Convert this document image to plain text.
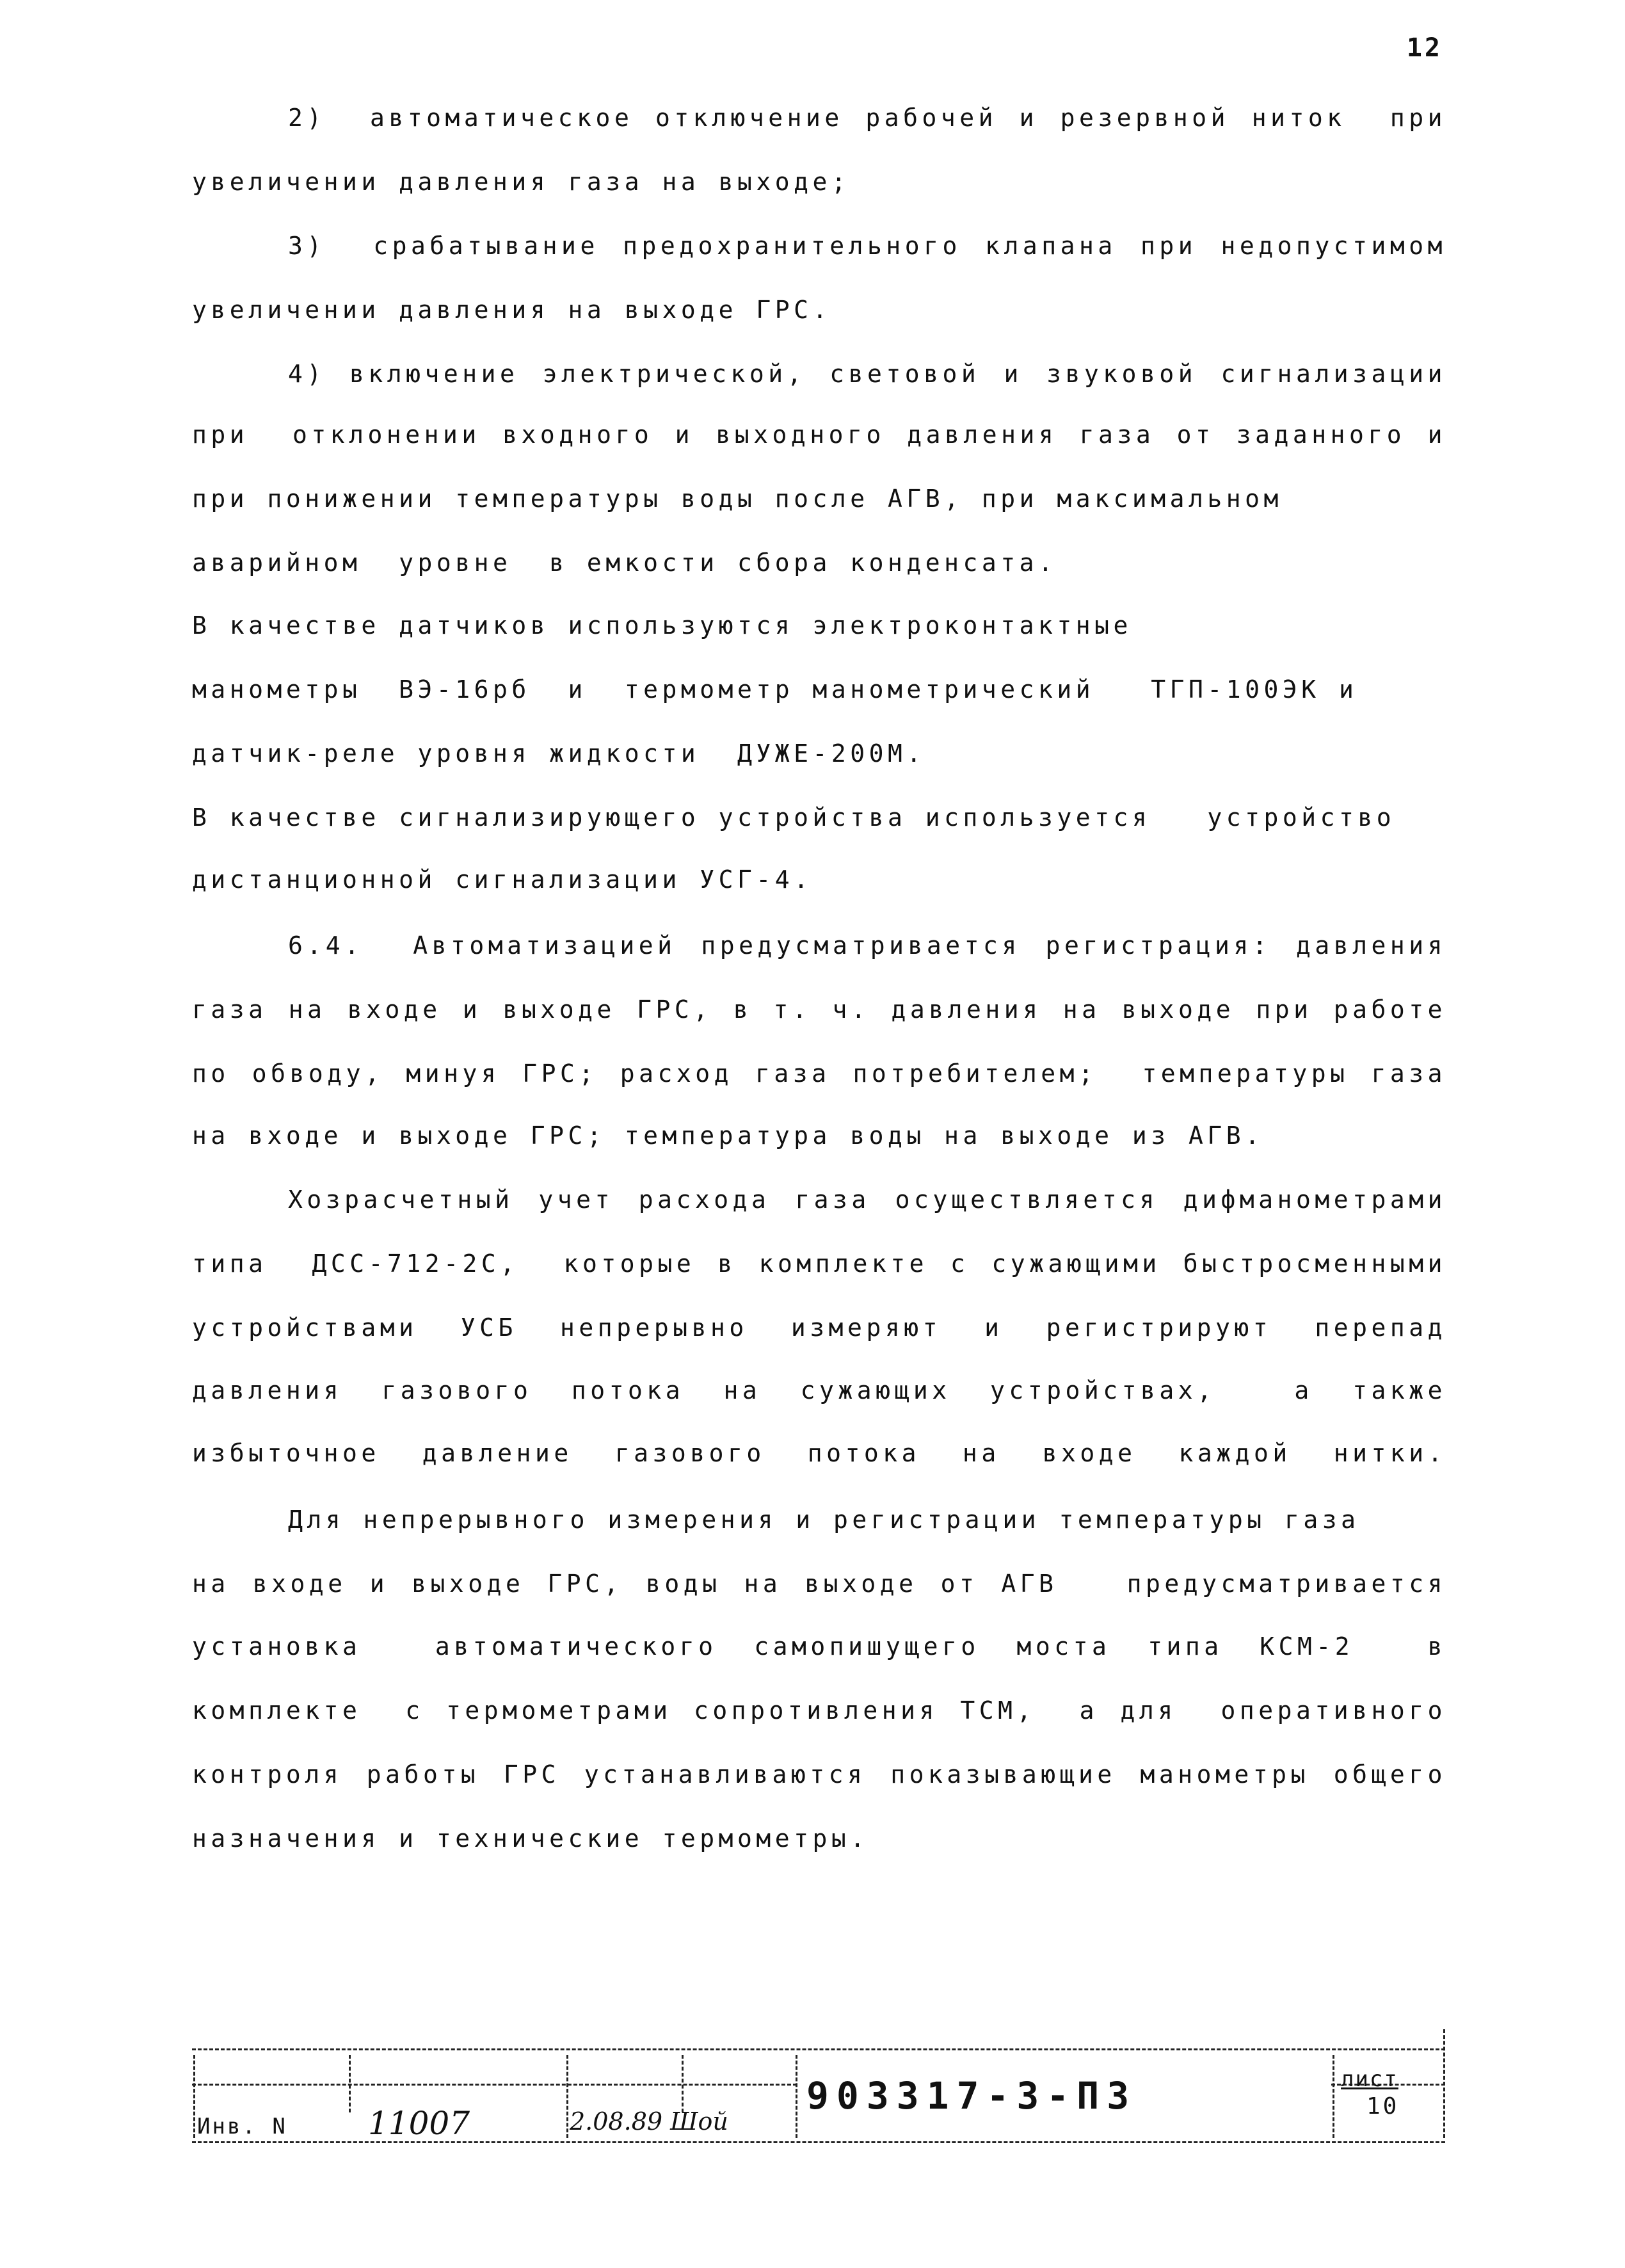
12
2)  автоматическое отключение рабочей и резервной ниток  при
увеличении давления газа на выходе;
3)  срабатывание предохранительного клапана при недопустимом
увеличении давления на выходе ГРС.
4) включение электрической, световой и звуковой сигнализации
при  отклонении входного и выходного давления газа от заданного и
при понижении температуры воды после АГВ, при максимальном
аварийном  уровне  в емкости сбора конденсата.
В качестве датчиков используются электроконтактные
манометры  ВЭ-16рб  и  термометр манометрический   ТГП-100ЭК и
датчик-реле уровня жидкости  ДУЖЕ-200М.
В качестве сигнализирующего устройства используется   устройство
дистанционной сигнализации УСГ-4.
6.4.  Автоматизацией предусматривается регистрация: давления
газа на входе и выходе ГРС, в т. ч. давления на выходе при работе
по обводу, минуя ГРС; расход газа потребителем;  температуры газа
на входе и выходе ГРС; температура воды на выходе из АГВ.
Хозрасчетный учет расхода газа осуществляется дифманометрами
типа  ДСС-712-2С,  которые в комплекте с сужающими быстросменными
устройствами УСБ непрерывно измеряют и регистрируют перепад
давления газового потока на сужающих устройствах,  а также
избыточное давление газового потока на входе каждой нитки.
Для непрерывного измерения и регистрации температуры газа
на входе и выходе ГРС, воды на выходе от АГВ   предусматривается
установка  автоматического самопишущего моста типа КСМ-2  в
комплекте  с термометрами сопротивления ТСМ,  а для  оперативного
контроля работы ГРС устанавливаются показывающие манометры общего
назначения и технические термометры.
Инв. N	11007	2.08.89 Шой
903317-3-ПЗ	лист
10
